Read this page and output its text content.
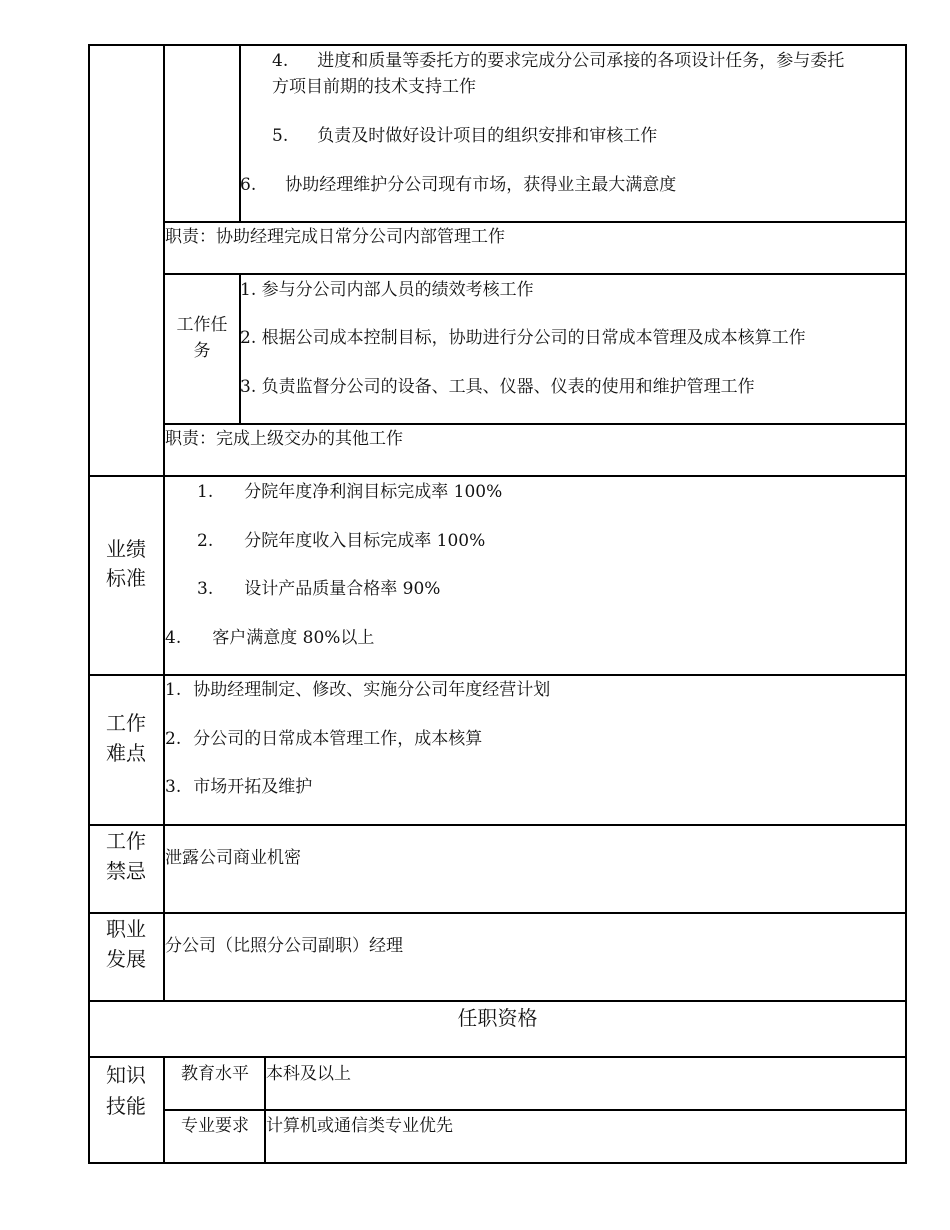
4. 进度和质量等委托方的要求完成分公司承接的各项设计任务，参与委托
方项目前期的技术支持工作
5. 负责及时做好设计项目的组织安排和审核工作
6. 协助经理维护分公司现有市场，获得业主最大满意度
职责：协助经理完成日常分公司内部管理工作
工作任
务
1. 参与分公司内部人员的绩效考核工作
2. 根据公司成本控制目标，协助进行分公司的日常成本管理及成本核算工作
3. 负责监督分公司的设备、工具、仪器、仪表的使用和维护管理工作
职责：完成上级交办的其他工作
业绩
标准
1. 分院年度净利润目标完成率 100%
2. 分院年度收入目标完成率 100%
3. 设计产品质量合格率 90%
4. 客户满意度 80%以上
工作
难点
1. 协助经理制定、修改、实施分公司年度经营计划
2. 分公司的日常成本管理工作，成本核算
3. 市场开拓及维护
工作
禁忌
泄露公司商业机密
职业
发展
分公司（比照分公司副职）经理
任职资格
知识
技能
教育水平	本科及以上
专业要求	计算机或通信类专业优先
